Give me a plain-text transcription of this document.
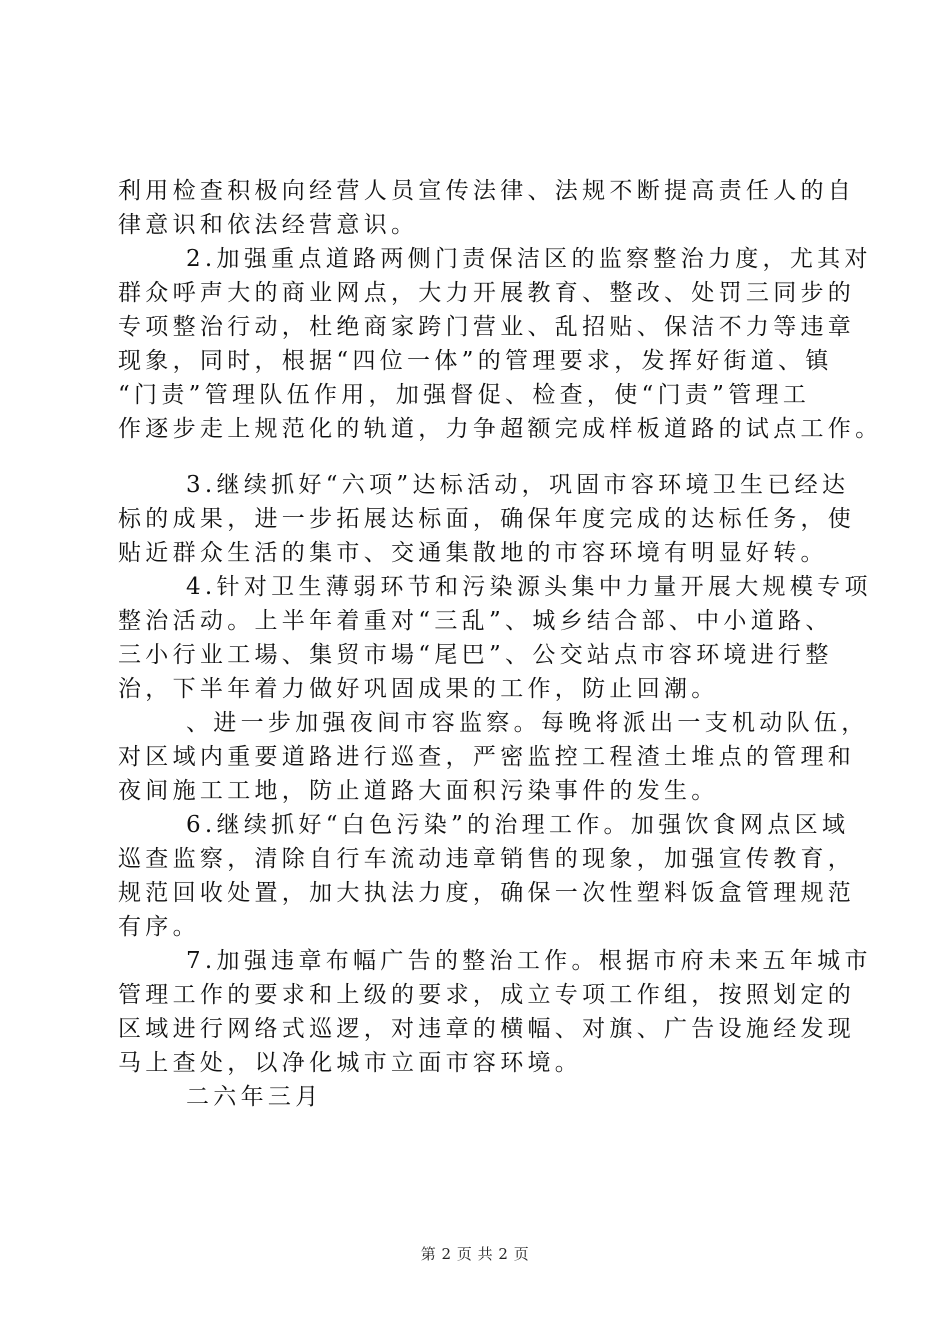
利用检查积极向经营人员宣传法律、法规不断提高责任人的自
律意识和依法经营意识。
2.加强重点道路两侧门责保洁区的监察整治力度，尤其对
群众呼声大的商业网点，大力开展教育、整改、处罚三同步的
专项整治行动，杜绝商家跨门营业、乱招贴、保洁不力等违章
现象，同时，根据“四位一体”的管理要求，发挥好街道、镇
“门责”管理队伍作用，加强督促、检查，使“门责”管理工
作逐步走上规范化的轨道，力争超额完成样板道路的试点工作。
3.继续抓好“六项”达标活动，巩固市容环境卫生已经达
标的成果，进一步拓展达标面，确保年度完成的达标任务，使
贴近群众生活的集市、交通集散地的市容环境有明显好转。
4.针对卫生薄弱环节和污染源头集中力量开展大规模专项
整治活动。上半年着重对“三乱”、城乡结合部、中小道路、
三小行业工場、集贸市場“尾巴”、公交站点市容环境进行整
治，下半年着力做好巩固成果的工作，防止回潮。
、进一步加强夜间市容监察。每晚将派出一支机动队伍，
对区域内重要道路进行巡查，严密监控工程渣土堆点的管理和
夜间施工工地，防止道路大面积污染事件的发生。
6.继续抓好“白色污染”的治理工作。加强饮食网点区域
巡查监察，清除自行车流动违章销售的现象，加强宣传教育，
规范回收处置，加大执法力度，确保一次性塑料饭盒管理规范
有序。
7.加强违章布幅广告的整治工作。根据市府未来五年城市
管理工作的要求和上级的要求，成立专项工作组，按照划定的
区域进行网络式巡逻，对违章的横幅、对旗、广告设施经发现
马上查处，以净化城市立面市容环境。
二六年三月
第 2 页 共 2 页
